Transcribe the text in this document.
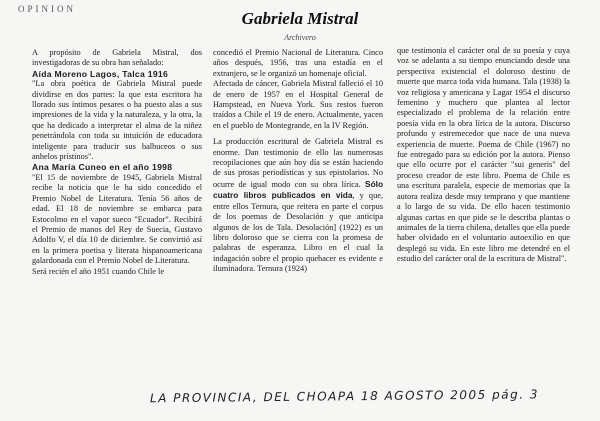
OPINION	Gabriela Mistral
Archivero

A propósito de Gabriela Mistral, dos investigadoras de su obra han señalado:

Aída Moreno Lagos, Talca 1916

"La obra poética de Gabriela Mistral puede dividirse en dos partes: la que esta escritora ha llorado sus íntimos pesares o ha puesto alas a sus impresiones de la vida y la naturaleza, y la otra, la que ha dedicado a interpretar el alma de la niñez penetrándola con toda su intuición de educadora inteligente para traducir sus balbuceos o sus anhelos prístinos".

Ana María Cuneo en el año 1998

"El 15 de noviembre de 1945, Gabriela Mistral recibe la noticia que le ha sido concedido el Premio Nobel de Literatura. Tenía 56 años de edad. El 18 de noviembre se embarca para Estocolmo en el vapor sueco "Ecuador". Recibirá el Premio de manos del Rey de Suecia, Gustavo Adolfo V, el día 10 de diciembre. Se convirtió así en la primera poetisa y literata hispanoamericana galardonada con el Premio Nobel de Literatura.

Será recién el año 1951 cuando Chile le

concedió el Premio Nacional de Literatura. Cinco años después, 1956, tras una estadía en el extranjero, se le organizó un homenaje oficial.

Afectada de cáncer, Gabriela Mistral falleció el 10 de enero de 1957 en el Hospital General de Hampstead, en Nueva York. Sus restos fueron traídos a Chile el 19 de enero. Actualmente, yacen en el pueblo de Montegrande, en la IV Región.

La producción escritural de Gabriela Mistral es enorme. Dan testimonio de ello las numerosas recopilaciones que aún hoy día se están haciendo de sus prosas periodísticas y sus epistolarios. No ocurre de igual modo con su obra lírica. Sólo cuatro libros publicados en vida, y que, entre ellos Ternura, que reitera en parte el corpus de los poemas de Desolación y que anticipa algunos de los de Tala. Desolación] (1922) es un libro doloroso que se cierra con la promesa de palabras de esperanza. Libro en el cual la indagación sobre el propio quehacer es evidente e iluminadora. Ternura (1924)

que testimonia el carácter oral de su poesía y cuya voz se adelanta a su tiempo enunciando desde una perspectiva existencial el doloroso destino de muerte que marca toda vida humana. Tala (1938) la voz religiosa y americana y Lagar 1954 el discurso femenino y muchero que plantea al lector especializado el problema de la relación entre poesía vida en la obra lírica de la autora. Discurso profundo y estremecedor que nace de una nueva experiencia de muerte. Poema de Chile (1967) no fue entregado para su edición por la autora. Pienso que ello ocurre por el carácter "sui generis" del proceso creador de este libro. Poema de Chile es una escritura paralela, especie de memorias que la autora realiza desde muy temprano y que mantiene a lo largo de su vida. De ello hacen testimonio algunas cartas en que pide se le describa plantas o animales de la tierra chilena, detalles que ella puede haber olvidado en el voluntario autoexilio en que desplegó su vida. En este libro me detendré en el estudio del carácter oral de la escritura de Mistral".

LA PROVINCIA, DEL CHOAPA 18 AGOSTO 2005 pág. 3
